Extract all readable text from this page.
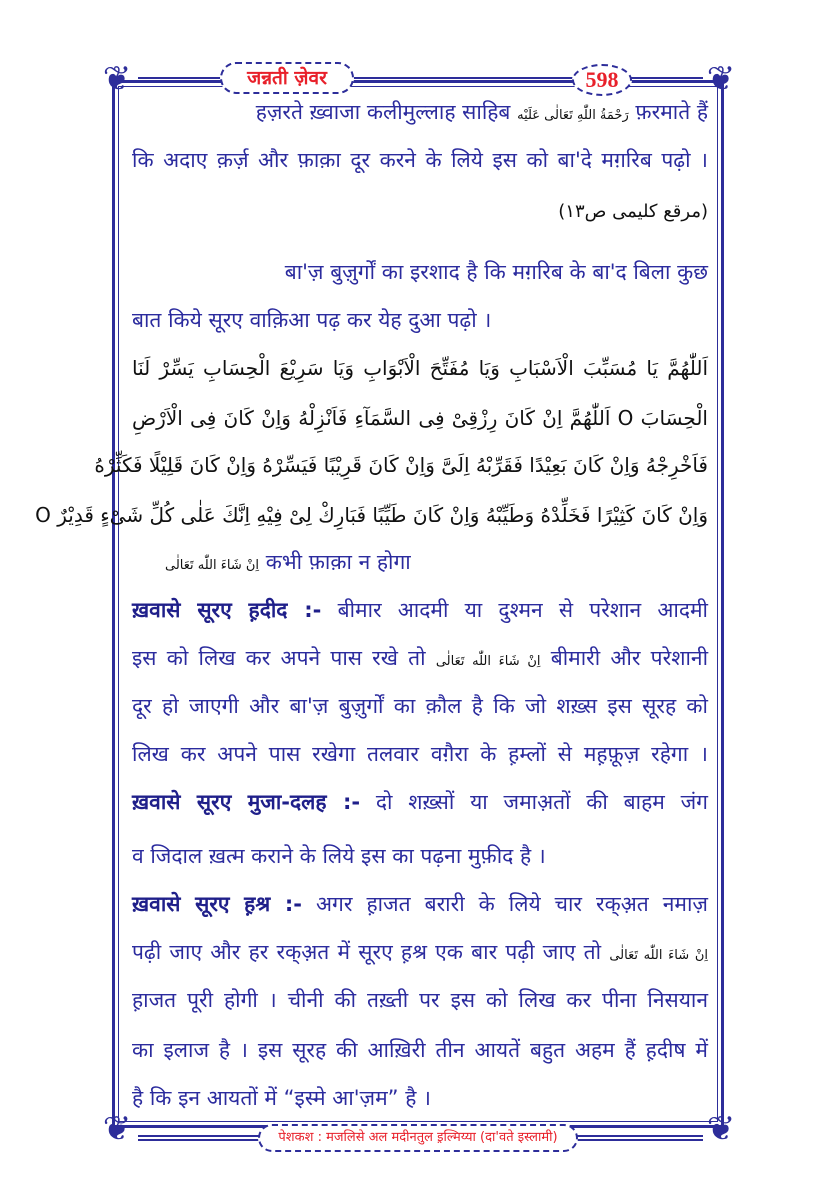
❦	❦
❦	❦
जन्नती ज़ेवर	598
पेशकश : मजलिसे अल मदीनतुल इ़ल्मिय्या (दा'वते इस्लामी)
हज़रते ख़्वाजा कलीमुल्लाह साहिब رَحْمَةُ اللّٰهِ تَعَالٰی عَلَیْه फ़रमाते हैं
कि अदाए क़र्ज़ और फ़ाक़ा दूर करने के लिये इस को बा'दे मग़रिब पढ़ो ।
(مرقع کلیمی ص۱۳)
बा'ज़ बुज़ुर्गों का इरशाद है कि मग़रिब के बा'द बिला कुछ
बात किये सूरए वाक़िआ पढ़ कर येह दुआ पढ़ो ।
اَللّٰهُمَّ یَا مُسَبِّبَ الْاَسْبَابِ وَیَا مُفَتِّحَ الْاَبْوَابِ وَیَا سَرِیْعَ الْحِسَابِ یَسِّرْ لَنَا
الْحِسَابَ O اَللّٰهُمَّ اِنْ كَانَ رِزْقِیْ فِی السَّمَآءِ فَاَنْزِلْهُ وَاِنْ كَانَ فِی الْاَرْضِ
فَاَخْرِجْهُ وَاِنْ كَانَ بَعِیْدًا فَقَرِّبْهُ اِلَیَّ وَاِنْ كَانَ قَرِیْبًا فَیَسِّرْهُ وَاِنْ كَانَ قَلِیْلًا فَكَثِّرْهُ
وَاِنْ كَانَ كَثِیْرًا فَخَلِّدْهُ وَطَیِّبْهُ وَاِنْ كَانَ طَیِّبًا فَبَارِكْ لِیْ فِیْهِ اِنَّكَ عَلٰی كُلِّ شَیْءٍ قَدِیْرٌ O
اِنْ شَاءَ اللّٰه تَعَالٰی कभी फ़ाक़ा न होगा
ख़वासे सूरए ह़दीद :- बीमार आदमी या दुश्मन से परेशान आदमी
इस को लिख कर अपने पास रखे तो اِنْ شَاءَ اللّٰه تَعَالٰی बीमारी और परेशानी
दूर हो जाएगी और बा'ज़ बुज़ुर्गों का क़ौल है कि जो शख़्स इस सूरह को
लिख कर अपने पास रखेगा तलवार वग़ैरा के ह़म्लों से मह़फ़ूज़ रहेगा ।
ख़वासे सूरए मुजा-दलह :- दो शख़्सों या जमाअ़तों की बाहम जंग
व जिदाल ख़त्म कराने के लिये इस का पढ़ना मुफ़ीद है ।
ख़वासे सूरए ह़श्र :- अगर ह़ाजत बरारी के लिये चार रक्अ़त नमाज़
पढ़ी जाए और हर रक्अ़त में सूरए ह़श्र एक बार पढ़ी जाए तो اِنْ شَاءَ اللّٰه تَعَالٰی
ह़ाजत पूरी होगी । चीनी की तख़्ती पर इस को लिख कर पीना निसयान
का इलाज है । इस सूरह की आख़िरी तीन आयतें बहुत अहम हैं ह़दीष में
है कि इन आयतों में “इस्मे आ'ज़म” है ।
